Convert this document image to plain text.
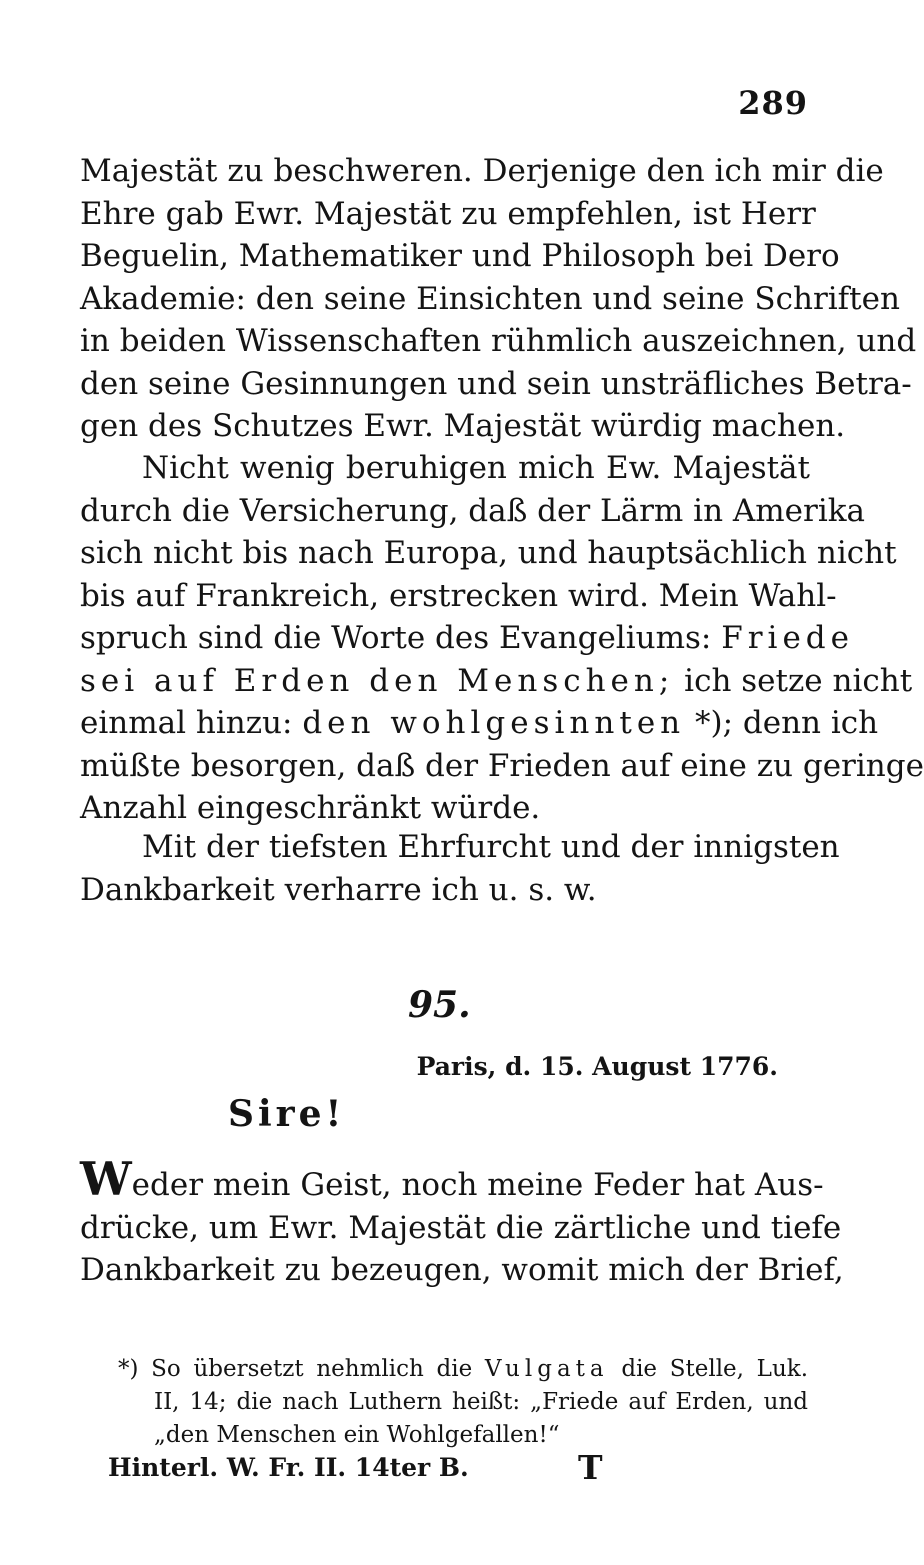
289
Majestät zu beschweren. Derjenige den ich mir die
Ehre gab Ewr. Majestät zu empfehlen, ist Herr
Beguelin, Mathematiker und Philosoph bei Dero
Akademie: den seine Einsichten und seine Schriften
in beiden Wissenschaften rühmlich auszeichnen, und
den seine Gesinnungen und sein unsträfliches Betra-
gen des Schutzes Ewr. Majestät würdig machen.
Nicht wenig beruhigen mich Ew. Majestät
durch die Versicherung, daß der Lärm in Amerika
sich nicht bis nach Europa, und hauptsächlich nicht
bis auf Frankreich, erstrecken wird. Mein Wahl-
spruch sind die Worte des Evangeliums: Friede
sei auf Erden den Menschen; ich setze nicht
einmal hinzu: den wohlgesinnten *); denn ich
müßte besorgen, daß der Frieden auf eine zu geringe
Anzahl eingeschränkt würde.
Mit der tiefsten Ehrfurcht und der innigsten
Dankbarkeit verharre ich u. s. w.
95.
Paris, d. 15. August 1776.
Sire!
Weder mein Geist, noch meine Feder hat Aus-
drücke, um Ewr. Majestät die zärtliche und tiefe
Dankbarkeit zu bezeugen, womit mich der Brief,
*) So übersetzt nehmlich die Vulgata die Stelle, Luk.
II, 14; die nach Luthern heißt: „Friede auf Erden, und
„den Menschen ein Wohlgefallen!“
Hinterl. W. Fr. II. 14ter B.	T
